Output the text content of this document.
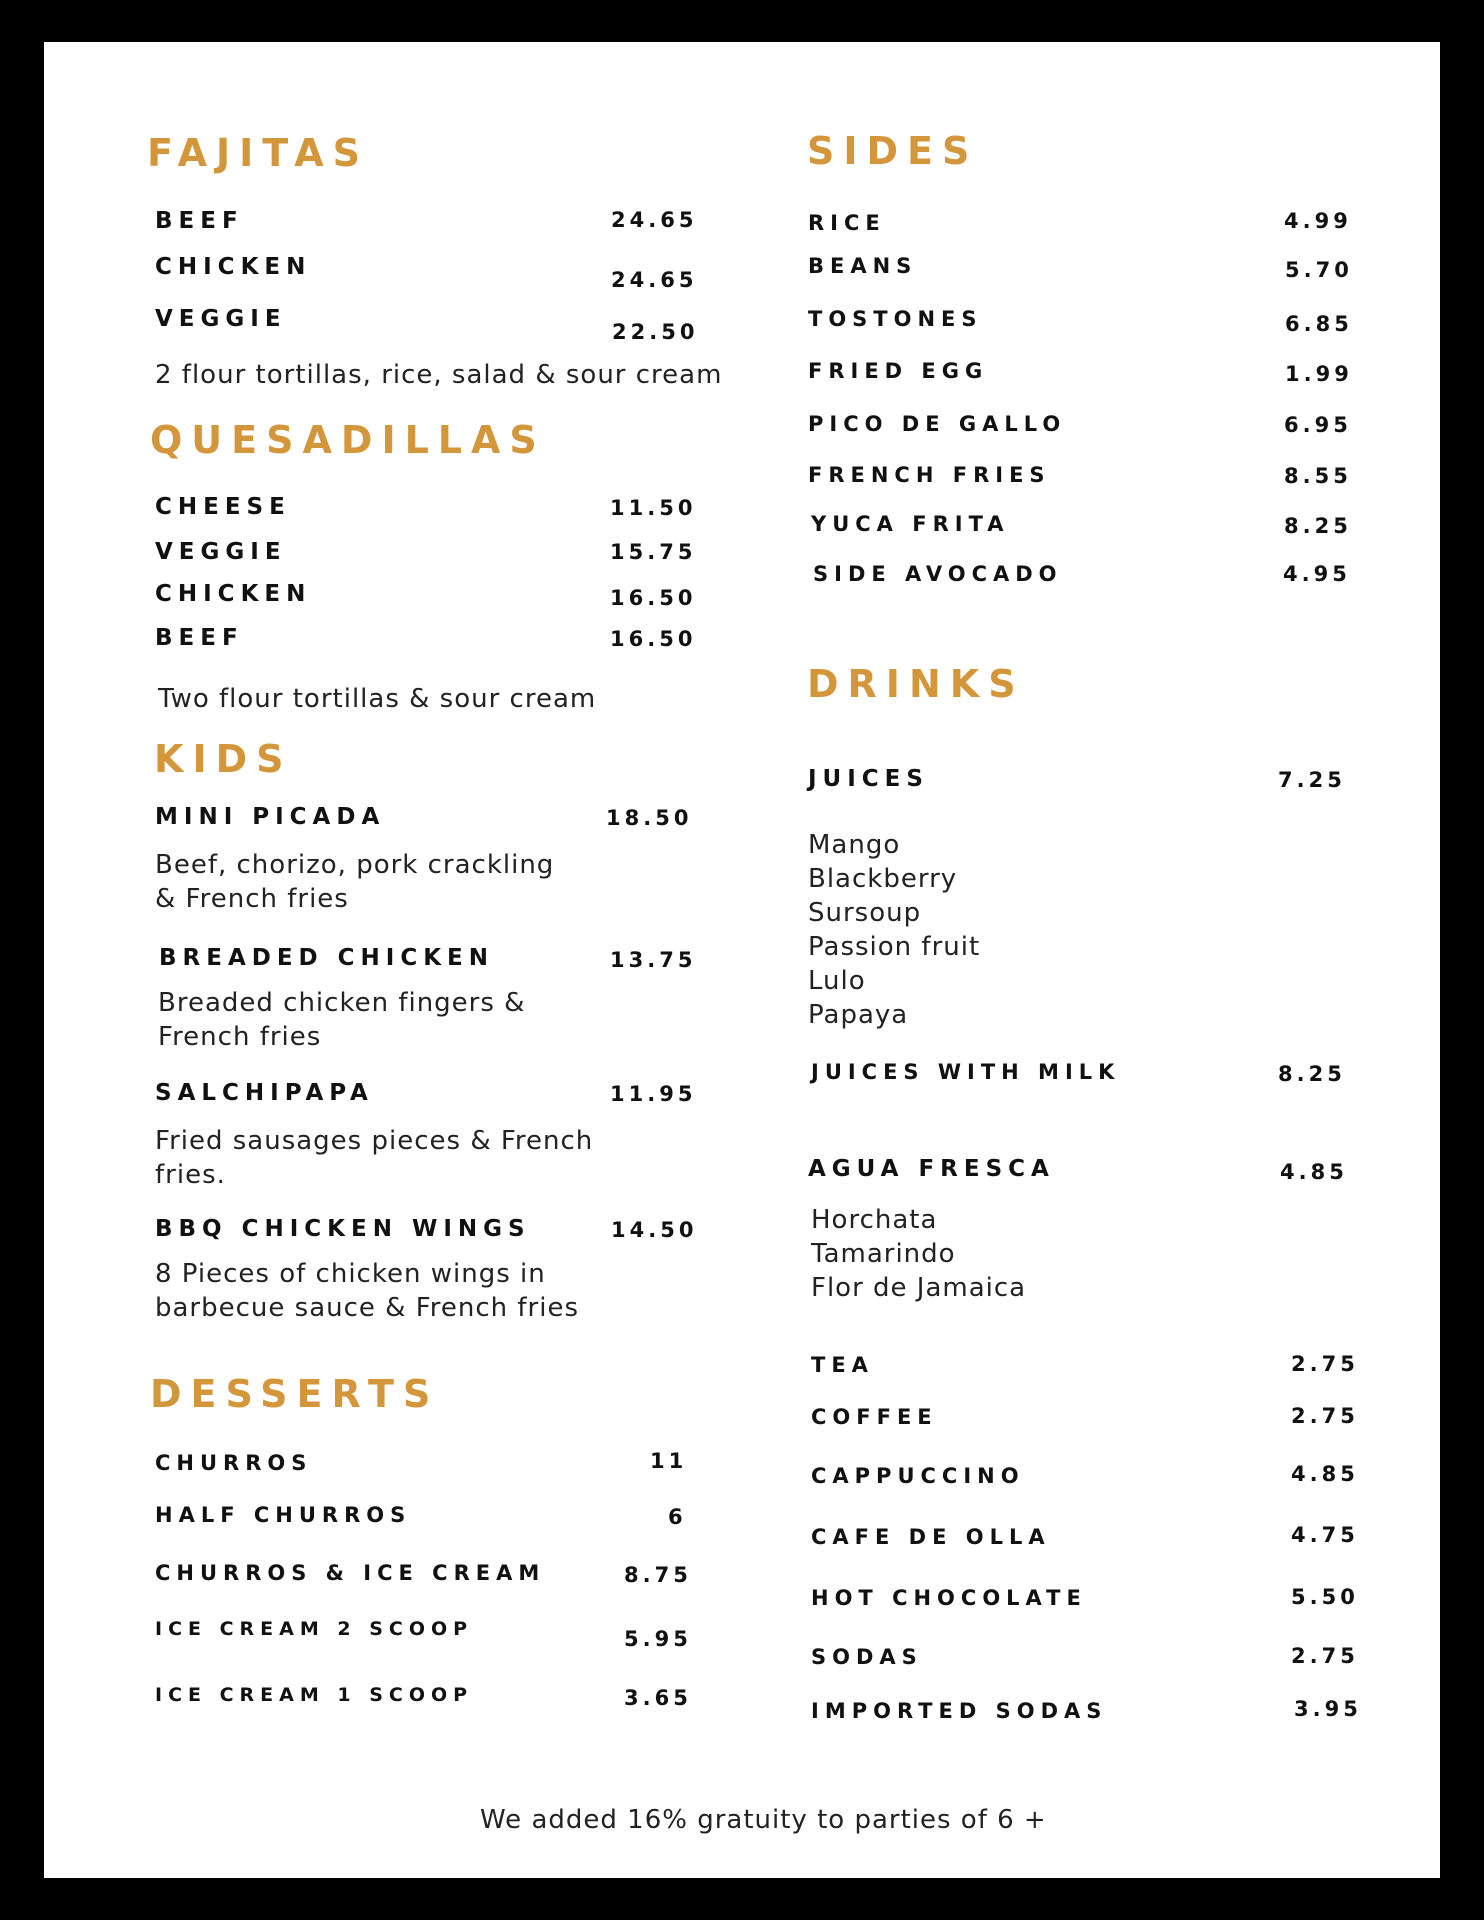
FAJITAS
BEEF	24.65
CHICKEN	24.65
VEGGIE	22.50
2 flour tortillas, rice, salad & sour cream
QUESADILLAS
CHEESE	11.50
VEGGIE	15.75
CHICKEN	16.50
BEEF	16.50
Two flour tortillas & sour cream
KIDS
MINI PICADA	18.50
Beef, chorizo, pork crackling
& French fries
BREADED CHICKEN	13.75
Breaded chicken fingers &
French fries
SALCHIPAPA	11.95
Fried sausages pieces & French
fries.
BBQ CHICKEN WINGS	14.50
8 Pieces of chicken wings in
barbecue sauce & French fries
DESSERTS
CHURROS	11
HALF CHURROS	6
CHURROS & ICE CREAM	8.75
ICE CREAM 2 SCOOP	5.95
ICE CREAM 1 SCOOP	3.65
SIDES
RICE	4.99
BEANS	5.70
TOSTONES	6.85
FRIED EGG	1.99
PICO DE GALLO	6.95
FRENCH FRIES	8.55
YUCA FRITA	8.25
SIDE AVOCADO	4.95
DRINKS
JUICES	7.25
Mango
Blackberry
Sursoup
Passion fruit
Lulo
Papaya
JUICES WITH MILK	8.25
AGUA FRESCA	4.85
Horchata
Tamarindo
Flor de Jamaica
TEA	2.75
COFFEE	2.75
CAPPUCCINO	4.85
CAFE DE OLLA	4.75
HOT CHOCOLATE	5.50
SODAS	2.75
IMPORTED SODAS	3.95
We added 16% gratuity to parties of 6 +
